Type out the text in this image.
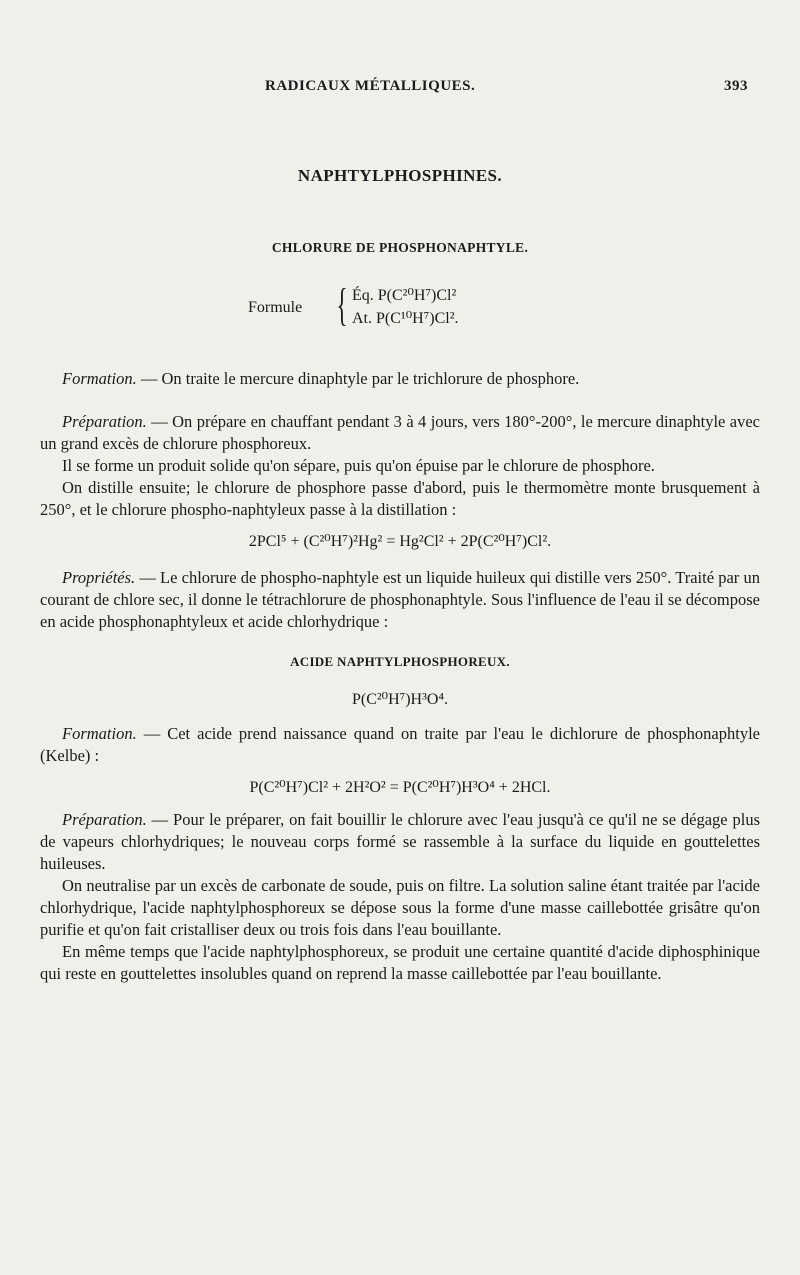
RADICAUX MÉTALLIQUES.	393
NAPHTYLPHOSPHINES.
CHLORURE DE PHOSPHONAPHTYLE.
Formule { Éq. P(C²⁰H⁷)Cl²
At. P(C¹⁰H⁷)Cl².

Formation. — On traite le mercure dinaphtyle par le trichlorure de phosphore.

Préparation. — On prépare en chauffant pendant 3 à 4 jours, vers 180°-200°, le mercure dinaphtyle avec un grand excès de chlorure phosphoreux.

Il se forme un produit solide qu'on sépare, puis qu'on épuise par le chlorure de phosphore.

On distille ensuite; le chlorure de phosphore passe d'abord, puis le thermomètre monte brusquement à 250°, et le chlorure phospho-naphtyleux passe à la distillation :

2PCl⁵ + (C²⁰H⁷)²Hg² = Hg²Cl² + 2P(C²⁰H⁷)Cl².

Propriétés. — Le chlorure de phospho-naphtyle est un liquide huileux qui distille vers 250°. Traité par un courant de chlore sec, il donne le tétrachlorure de phosphonaphtyle. Sous l'influence de l'eau il se décompose en acide phosphonaphtyleux et acide chlorhydrique :

ACIDE NAPHTYLPHOSPHOREUX.

P(C²⁰H⁷)H³O⁴.

Formation. — Cet acide prend naissance quand on traite par l'eau le dichlorure de phosphonaphtyle (Kelbe) :

P(C²⁰H⁷)Cl² + 2H²O² = P(C²⁰H⁷)H³O⁴ + 2HCl.

Préparation. — Pour le préparer, on fait bouillir le chlorure avec l'eau jusqu'à ce qu'il ne se dégage plus de vapeurs chlorhydriques; le nouveau corps formé se rassemble à la surface du liquide en gouttelettes huileuses.

On neutralise par un excès de carbonate de soude, puis on filtre. La solution saline étant traitée par l'acide chlorhydrique, l'acide naphtylphosphoreux se dépose sous la forme d'une masse caillebottée grisâtre qu'on purifie et qu'on fait cristalliser deux ou trois fois dans l'eau bouillante.

En même temps que l'acide naphtylphosphoreux, se produit une certaine quantité d'acide diphosphinique qui reste en gouttelettes insolubles quand on reprend la masse caillebottée par l'eau bouillante.
